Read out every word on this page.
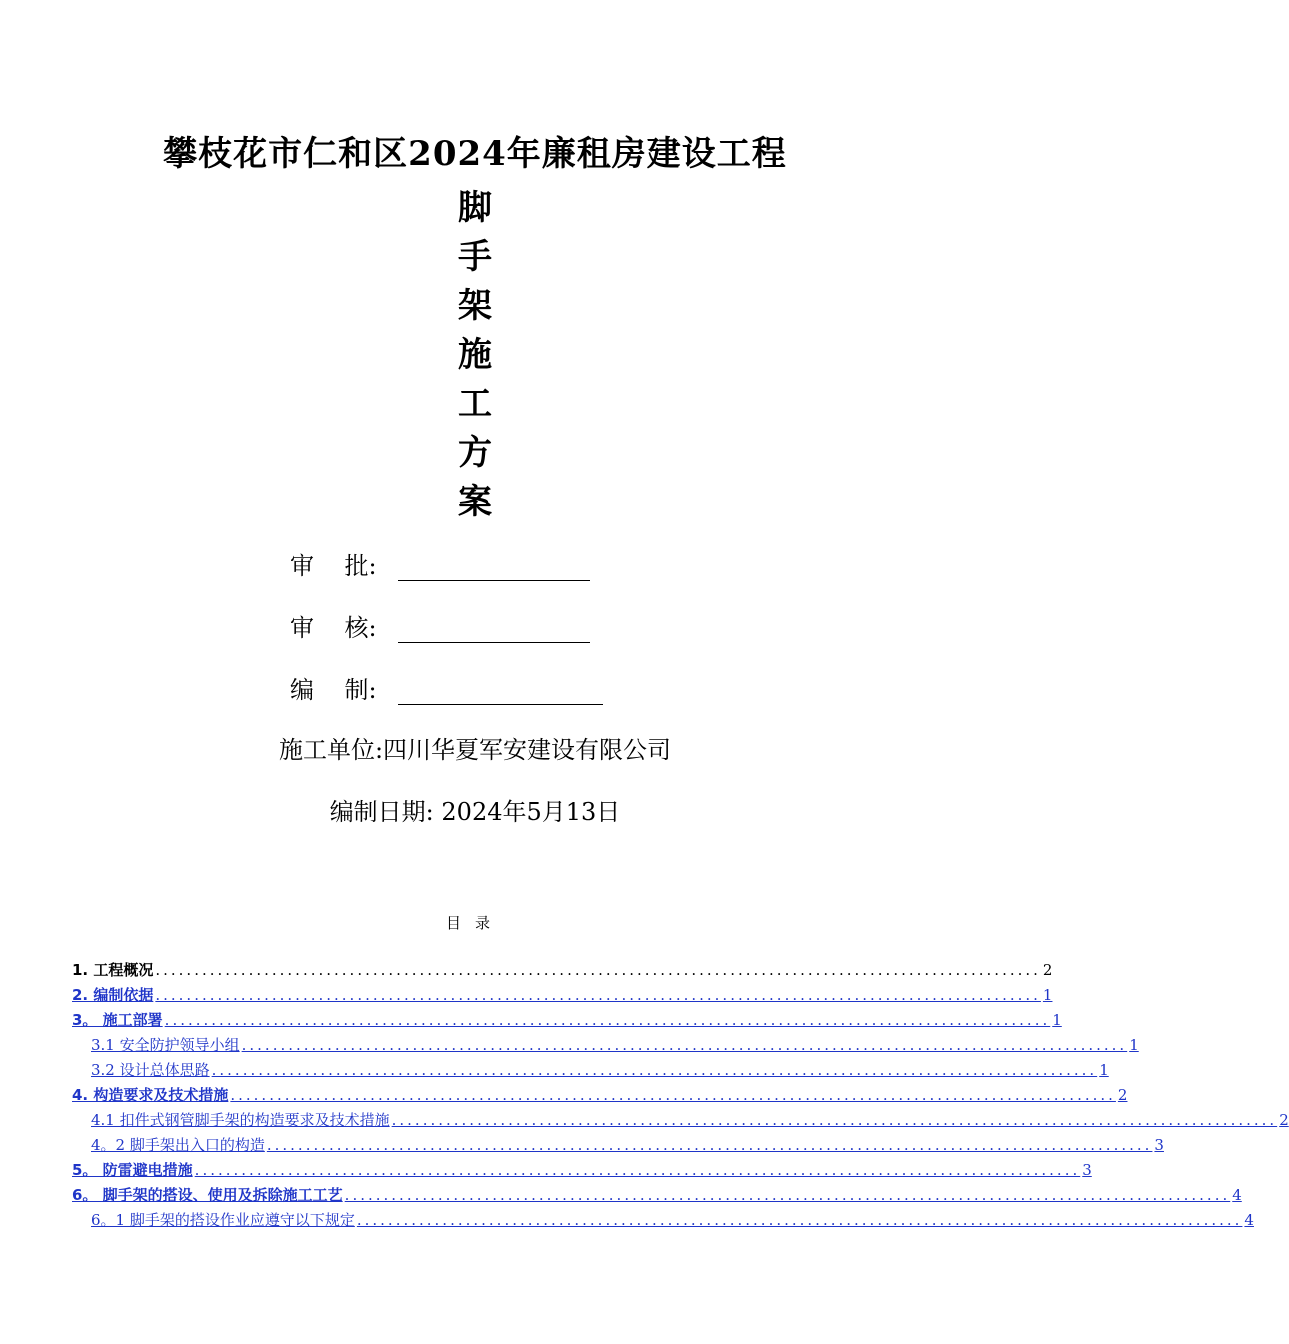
攀枝花市仁和区2024年廉租房建设工程
脚
手
架
施
工
方
案
审    批:
审    核:
编    制:
施工单位:四川华夏军安建设有限公司
编制日期: 2024年5月13日
目录
1. 工程概况 .................................................................................................................. 2
2. 编制依据 .................................................................................................................. 1
3。 施工部署 .................................................................................................................. 1
3.1 安全防护领导小组 .................................................................................................................. 1
3.2 设计总体思路 .................................................................................................................. 1
4. 构造要求及技术措施 .................................................................................................................. 2
4.1 扣件式钢管脚手架的构造要求及技术措施 .................................................................................................................. 2
4。2 脚手架出入口的构造 .................................................................................................................. 3
5。 防雷避电措施 .................................................................................................................. 3
6。 脚手架的搭设、使用及拆除施工工艺 .................................................................................................................. 4
6。1 脚手架的搭设作业应遵守以下规定 .................................................................................................................. 4
